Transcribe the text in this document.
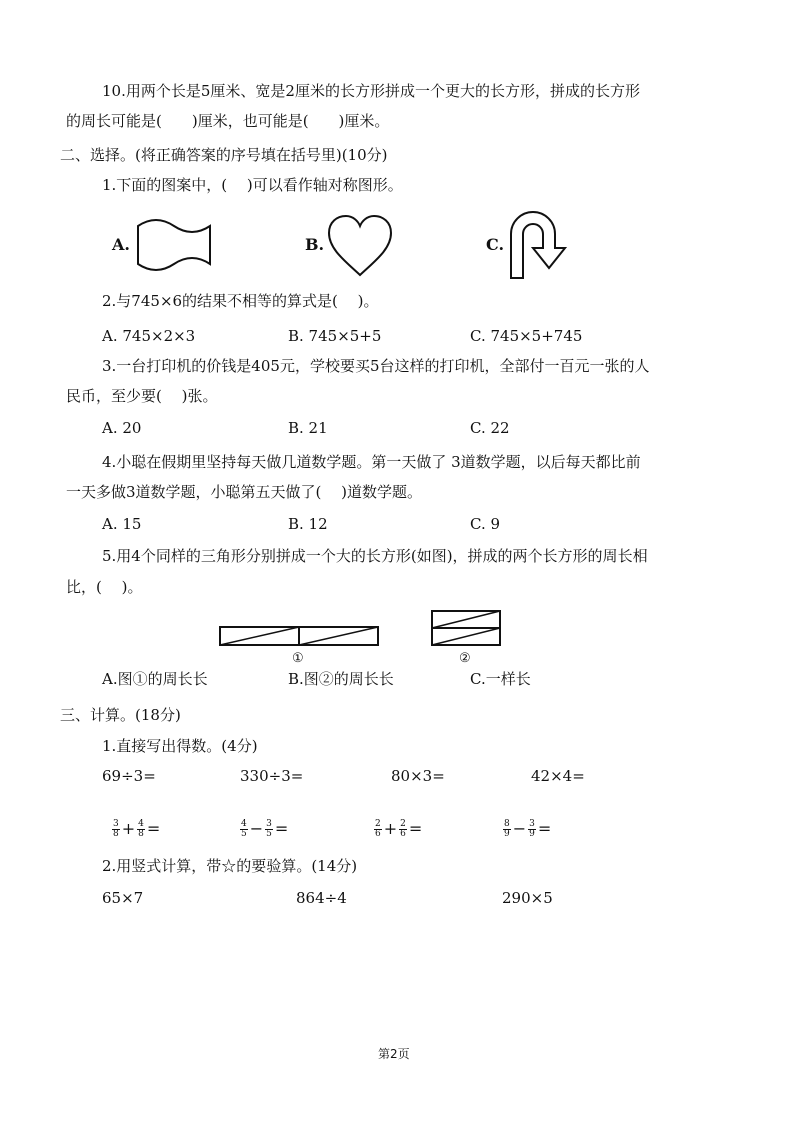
10.用两个长是5厘米、宽是2厘米的长方形拼成一个更大的长方形，拼成的长方形
的周长可能是(　　)厘米，也可能是(　　)厘米。
二、选择。(将正确答案的序号填在括号里)(10分)
1.下面的图案中，(　 )可以看作轴对称图形。
A.	B.	C.
2.与745×6的结果不相等的算式是(　 )。
A. 745×2×3	B. 745×5+5	C. 745×5+745
3.一台打印机的价钱是405元，学校要买5台这样的打印机，全部付一百元一张的人
民币，至少要(　 )张。
A. 20	B. 21	C. 22
4.小聪在假期里坚持每天做几道数学题。第一天做了 3道数学题，以后每天都比前
一天多做3道数学题，小聪第五天做了(　 )道数学题。
A. 15	B. 12	C. 9
5.用4个同样的三角形分别拼成一个大的长方形(如图)，拼成的两个长方形的周长相
比，(　 )。
①	②
A.图①的周长长	B.图②的周长长	C.一样长
三、计算。(18分)
1.直接写出得数。(4分)
69÷3=	330÷3=	80×3=	42×4=
$\frac{3}{8} + \frac{4}{8}$ =	$\frac{4}{5} - \frac{3}{5}$ =	$\frac{2}{6} + \frac{2}{6}$ =	$\frac{8}{9} - \frac{3}{9}$ =
2.用竖式计算，带☆的要验算。(14分)
65×7	864÷4	290×5
第2页
